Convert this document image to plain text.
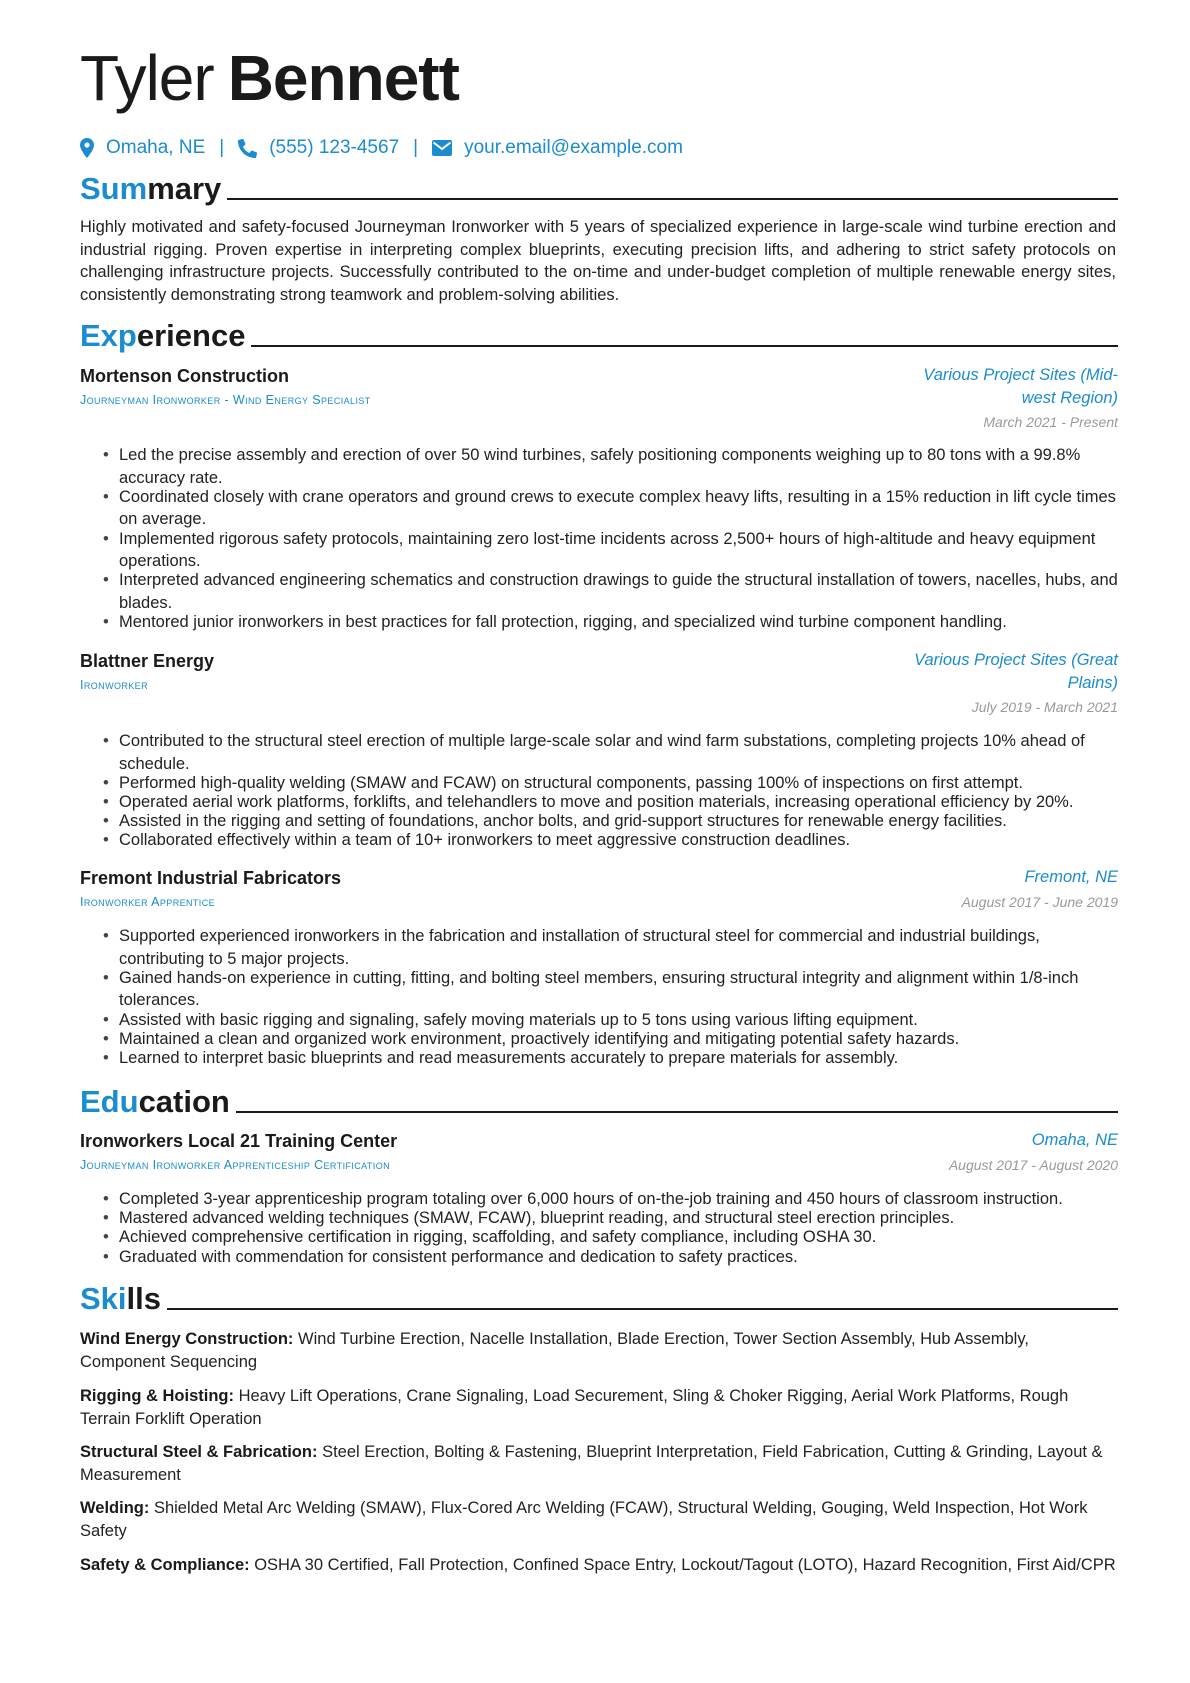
Tyler Bennett
Omaha, NE | (555) 123-4567 | your.email@example.com
Summary
Highly motivated and safety-focused Journeyman Ironworker with 5 years of specialized experience in large-scale wind turbine erection and industrial rigging. Proven expertise in interpreting complex blueprints, executing precision lifts, and adhering to strict safety protocols on challenging infrastructure projects. Successfully contributed to the on-time and under-budget completion of multiple renewable energy sites, consistently demonstrating strong teamwork and problem-solving abilities.
Experience
Mortenson Construction
Journeyman Ironworker - Wind Energy Specialist
Various Project Sites (Mid-west Region)
March 2021 - Present
• Led the precise assembly and erection of over 50 wind turbines, safely positioning components weighing up to 80 tons with a 99.8% accuracy rate.
• Coordinated closely with crane operators and ground crews to execute complex heavy lifts, resulting in a 15% reduction in lift cycle times on average.
• Implemented rigorous safety protocols, maintaining zero lost-time incidents across 2,500+ hours of high-altitude and heavy equipment operations.
• Interpreted advanced engineering schematics and construction drawings to guide the structural installation of towers, nacelles, hubs, and blades.
• Mentored junior ironworkers in best practices for fall protection, rigging, and specialized wind turbine component handling.
Blattner Energy
Ironworker
Various Project Sites (Great Plains)
July 2019 - March 2021
• Contributed to the structural steel erection of multiple large-scale solar and wind farm substations, completing projects 10% ahead of schedule.
• Performed high-quality welding (SMAW and FCAW) on structural components, passing 100% of inspections on first attempt.
• Operated aerial work platforms, forklifts, and telehandlers to move and position materials, increasing operational efficiency by 20%.
• Assisted in the rigging and setting of foundations, anchor bolts, and grid-support structures for renewable energy facilities.
• Collaborated effectively within a team of 10+ ironworkers to meet aggressive construction deadlines.
Fremont Industrial Fabricators
Ironworker Apprentice
Fremont, NE
August 2017 - June 2019
• Supported experienced ironworkers in the fabrication and installation of structural steel for commercial and industrial buildings, contributing to 5 major projects.
• Gained hands-on experience in cutting, fitting, and bolting steel members, ensuring structural integrity and alignment within 1/8-inch tolerances.
• Assisted with basic rigging and signaling, safely moving materials up to 5 tons using various lifting equipment.
• Maintained a clean and organized work environment, proactively identifying and mitigating potential safety hazards.
• Learned to interpret basic blueprints and read measurements accurately to prepare materials for assembly.
Education
Ironworkers Local 21 Training Center
Journeyman Ironworker Apprenticeship Certification
Omaha, NE
August 2017 - August 2020
• Completed 3-year apprenticeship program totaling over 6,000 hours of on-the-job training and 450 hours of classroom instruction.
• Mastered advanced welding techniques (SMAW, FCAW), blueprint reading, and structural steel erection principles.
• Achieved comprehensive certification in rigging, scaffolding, and safety compliance, including OSHA 30.
• Graduated with commendation for consistent performance and dedication to safety practices.
Skills
Wind Energy Construction: Wind Turbine Erection, Nacelle Installation, Blade Erection, Tower Section Assembly, Hub Assembly, Component Sequencing
Rigging & Hoisting: Heavy Lift Operations, Crane Signaling, Load Securement, Sling & Choker Rigging, Aerial Work Platforms, Rough Terrain Forklift Operation
Structural Steel & Fabrication: Steel Erection, Bolting & Fastening, Blueprint Interpretation, Field Fabrication, Cutting & Grinding, Layout & Measurement
Welding: Shielded Metal Arc Welding (SMAW), Flux-Cored Arc Welding (FCAW), Structural Welding, Gouging, Weld Inspection, Hot Work Safety
Safety & Compliance: OSHA 30 Certified, Fall Protection, Confined Space Entry, Lockout/Tagout (LOTO), Hazard Recognition, First Aid/CPR
